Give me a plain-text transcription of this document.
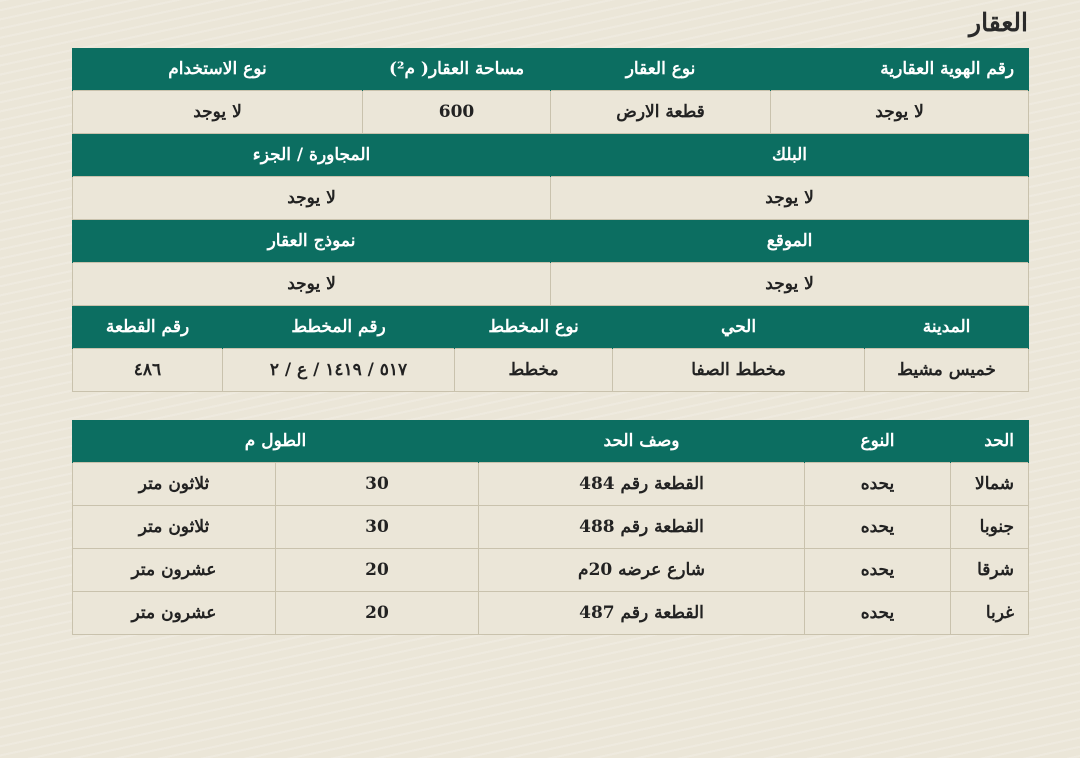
العقار
رقم الهوية العقارية		نوع العقار		مساحة العقار( م²)		نوع الاستخدام	
لا يوجد		قطعة الارض		600		لا يوجد	
البلك				المجاورة / الجزء			
لا يوجد				لا يوجد			
الموقع				نموذج العقار			
لا يوجد				لا يوجد			
المدينة	الحي		نوع المخطط		رقم المخطط		رقم القطعة
خميس مشيط	مخطط الصفا		مخطط		٥١٧ / ١٤١٩ / ع / ٢		٤٨٦
الحد	النوع	وصف الحد	الطول م	
شمالا	يحده	القطعة رقم 484	30	ثلاثون متر
جنوبا	يحده	القطعة رقم 488	30	ثلاثون متر
شرقا	يحده	شارع عرضه 20م	20	عشرون متر
غربا	يحده	القطعة رقم 487	20	عشرون متر
